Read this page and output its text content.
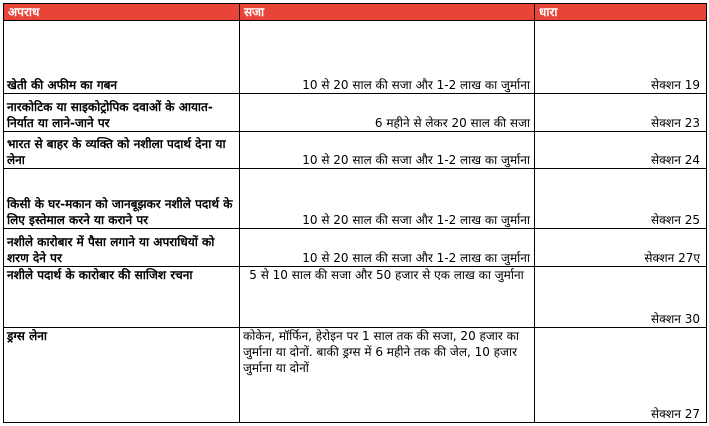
अपराध	सजा	धारा
खेती की अफीम का गबन	10 से 20 साल की सजा और 1-2 लाख का जुर्माना	सेक्शन 19
नारकोटिक या साइकोट्रोपिक दवाओं के आयात-निर्यात या लाने-जाने पर	6 महीने से लेकर 20 साल की सजा	सेक्शन 23
भारत से बाहर के व्यक्ति को नशीला पदार्थ देना या लेना	10 से 20 साल की सजा और 1-2 लाख का जुर्माना	सेक्शन 24
किसी के घर-मकान को जानबूझकर नशीले पदार्थ के लिए इस्तेमाल करने या कराने पर	10 से 20 साल की सजा और 1-2 लाख का जुर्माना	सेक्शन 25
नशीले कारोबार में पैसा लगाने या अपराधियों को शरण देने पर	10 से 20 साल की सजा और 1-2 लाख का जुर्माना	सेक्शन 27ए
नशीले पदार्थ के कारोबार की साजिश रचना	5 से 10 साल की सजा और 50 हजार से एक लाख का जुर्माना	सेक्शन 30
ड्रग्स लेना	कोकेन, मॉर्फिन, हेरोइन पर 1 साल तक की सजा, 20 हजार का जुर्माना या दोनों. बाकी ड्रग्स में 6 महीने तक की जेल, 10 हजार जुर्माना या दोनों	सेक्शन 27
